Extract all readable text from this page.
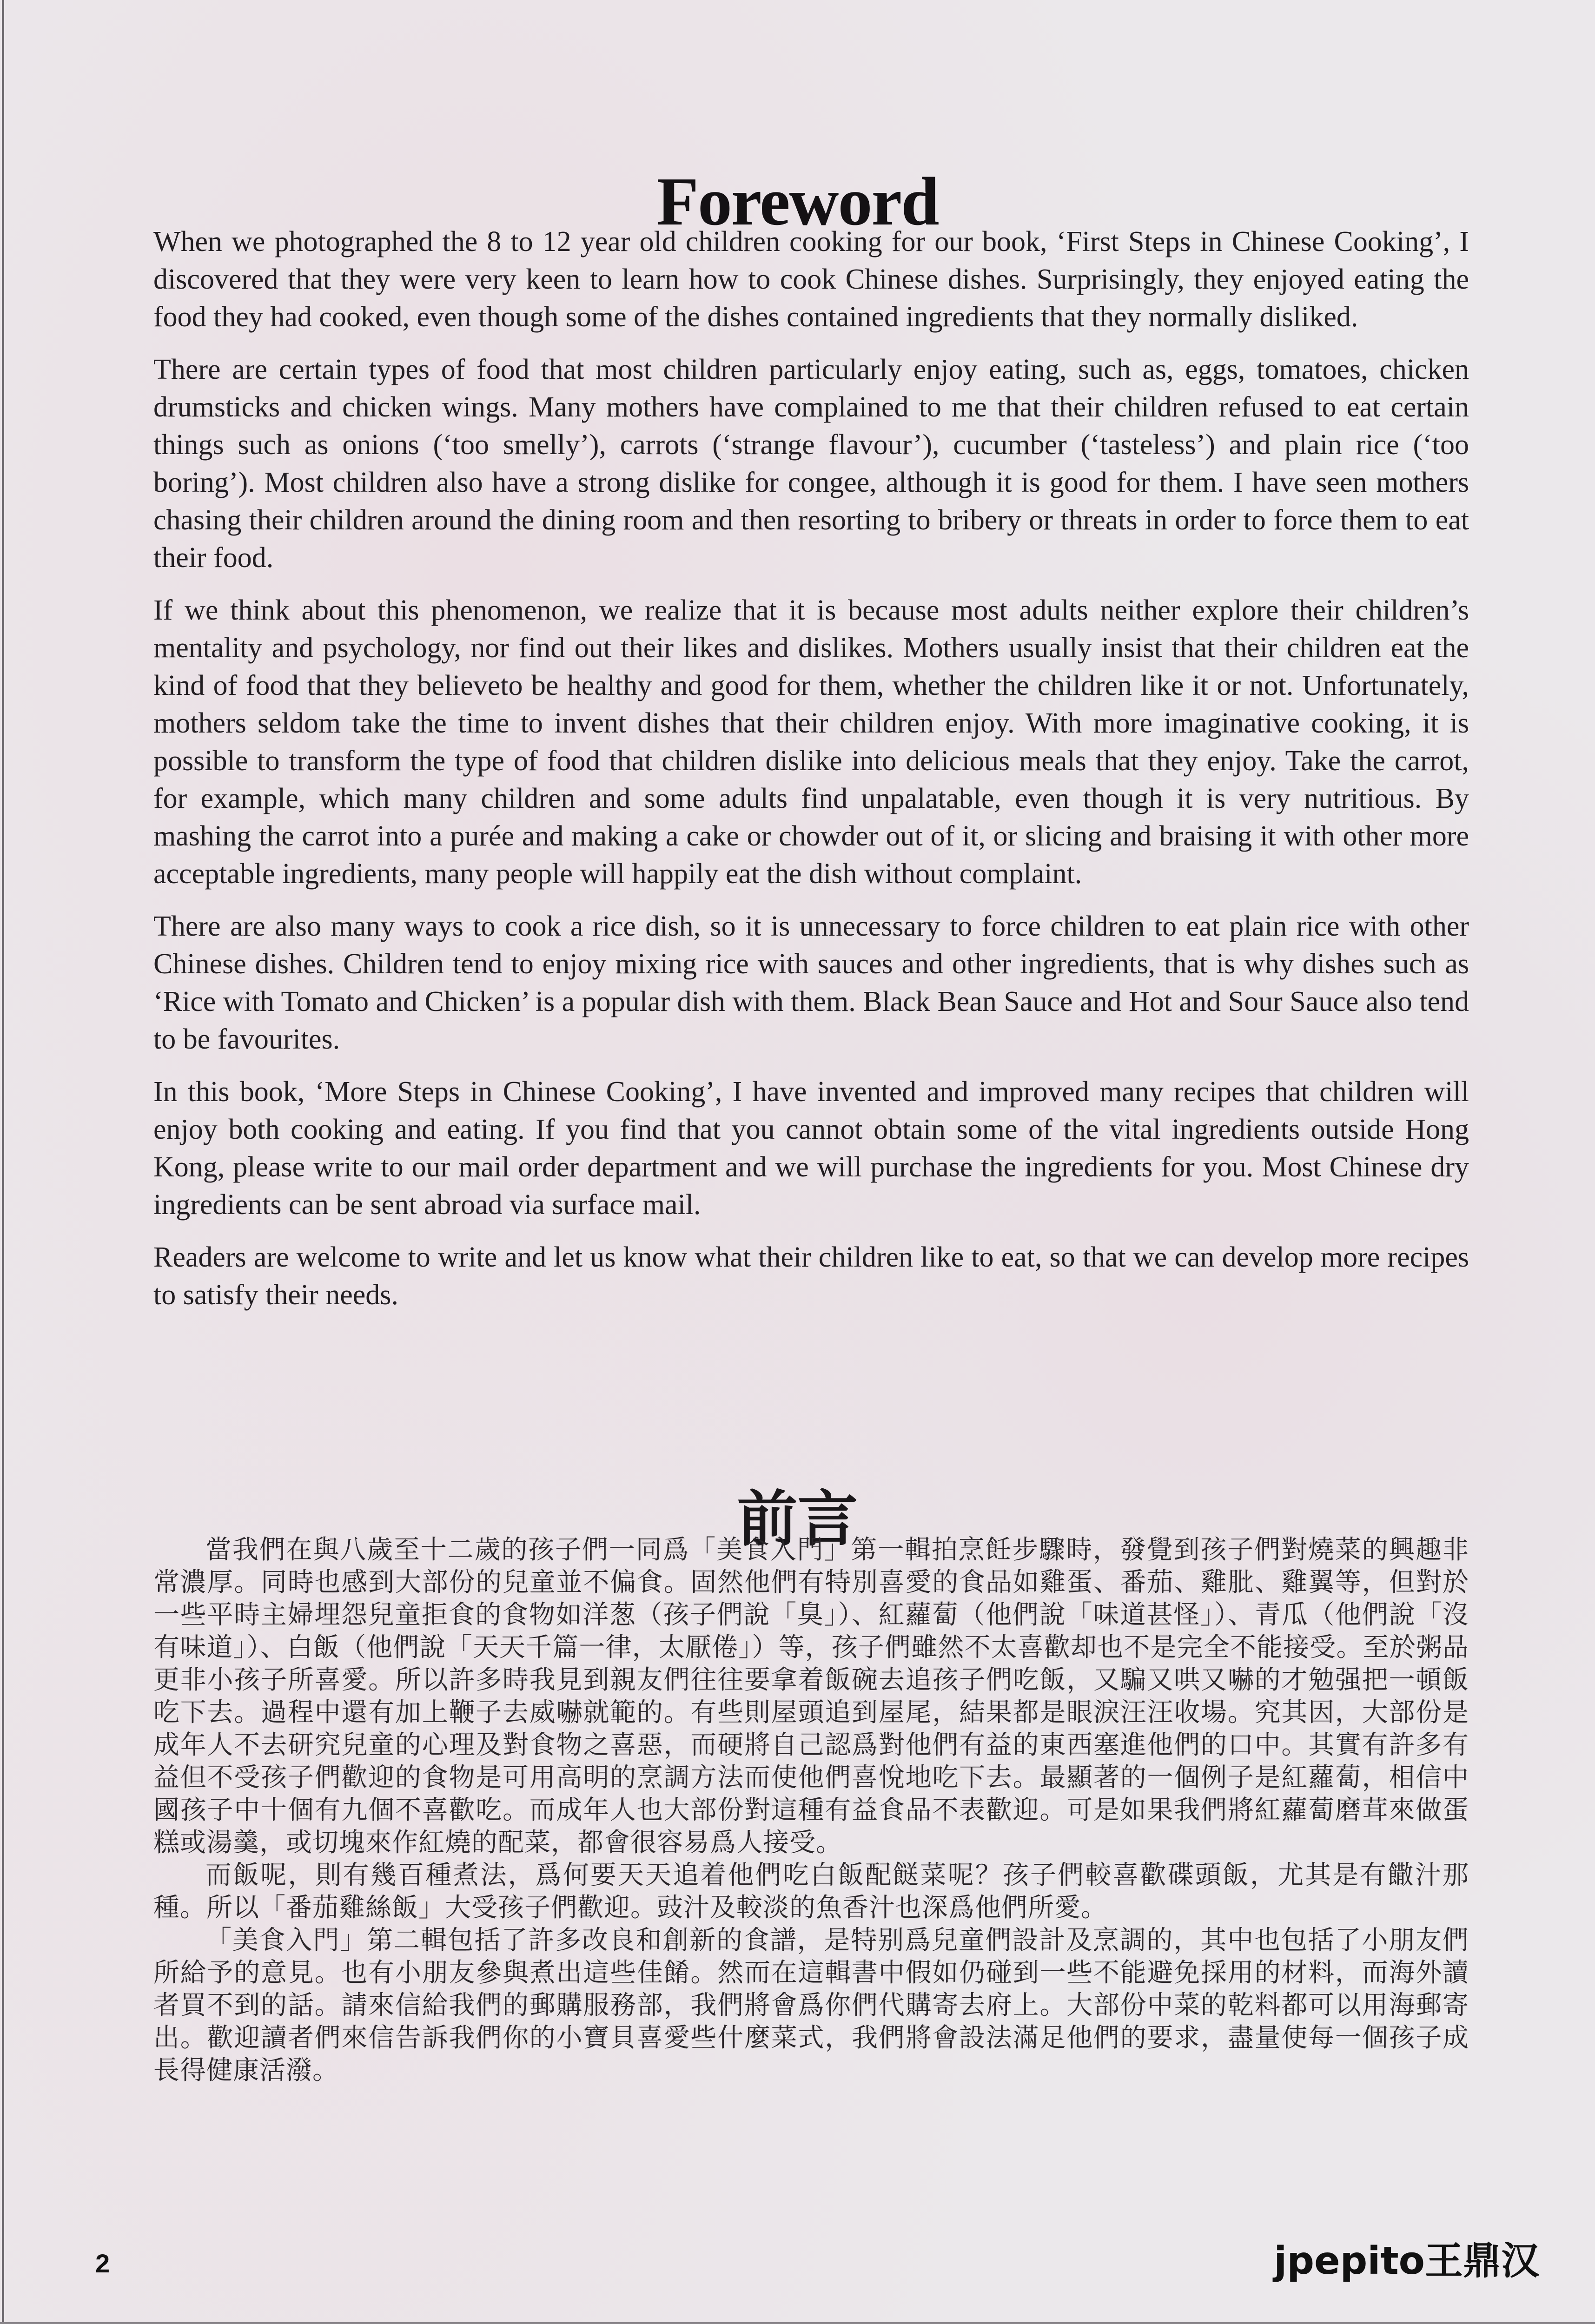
Foreword

When we photographed the 8 to 12 year old children cooking for our book, ‘First Steps in Chinese Cooking’, I discovered that they were very keen to learn how to cook Chinese dishes. Surprisingly, they enjoyed eating the food they had cooked, even though some of the dishes contained ingredients that they normally disliked.

There are certain types of food that most children particularly enjoy eating, such as, eggs, tomatoes, chicken drumsticks and chicken wings. Many mothers have complained to me that their children refused to eat certain things such as onions (‘too smelly’), carrots (‘strange flavour’), cucumber (‘tasteless’) and plain rice (‘too boring’). Most children also have a strong dislike for congee, although it is good for them. I have seen mothers chasing their children around the dining room and then resorting to bribery or threats in order to force them to eat their food.

If we think about this phenomenon, we realize that it is because most adults neither explore their children’s mentality and psychology, nor find out their likes and dislikes. Mothers usually insist that their children eat the kind of food that they believeto be healthy and good for them, whether the children like it or not. Unfortunately, mothers seldom take the time to invent dishes that their children enjoy. With more imaginative cooking, it is possible to transform the type of food that children dislike into delicious meals that they enjoy. Take the carrot, for example, which many children and some adults find unpalatable, even though it is very nutritious. By mashing the carrot into a purée and making a cake or chowder out of it, or slicing and braising it with other more acceptable ingredients, many people will happily eat the dish without complaint.

There are also many ways to cook a rice dish, so it is unnecessary to force children to eat plain rice with other Chinese dishes. Children tend to enjoy mixing rice with sauces and other ingredients, that is why dishes such as ‘Rice with Tomato and Chicken’ is a popular dish with them. Black Bean Sauce and Hot and Sour Sauce also tend to be favourites.

In this book, ‘More Steps in Chinese Cooking’, I have invented and improved many recipes that children will enjoy both cooking and eating. If you find that you cannot obtain some of the vital ingredients outside Hong Kong, please write to our mail order department and we will purchase the ingredients for you. Most Chinese dry ingredients can be sent abroad via surface mail.

Readers are welcome to write and let us know what their children like to eat, so that we can develop more recipes to satisfy their needs.

前言

當我們在與八歲至十二歲的孩子們一同爲「美食入門」第一輯拍烹飪步驟時，發覺到孩子們對燒菜的興趣非常濃厚。同時也感到大部份的兒童並不偏食。固然他們有特別喜愛的食品如雞蛋、番茄、雞肶、雞翼等，但對於一些平時主婦埋怨兒童拒食的食物如洋葱（孩子們說「臭」）、紅蘿蔔（他們說「味道甚怪」）、青瓜（他們說「沒有味道」）、白飯（他們說「天天千篇一律，太厭倦」）等，孩子們雖然不太喜歡却也不是完全不能接受。至於粥品更非小孩子所喜愛。所以許多時我見到親友們往往要拿着飯碗去追孩子們吃飯，又騙又哄又嚇的才勉强把一頓飯吃下去。過程中還有加上鞭子去威嚇就範的。有些則屋頭追到屋尾，結果都是眼淚汪汪收場。究其因，大部份是成年人不去研究兒童的心理及對食物之喜惡，而硬將自己認爲對他們有益的東西塞進他們的口中。其實有許多有益但不受孩子們歡迎的食物是可用高明的烹調方法而使他們喜悅地吃下去。最顯著的一個例子是紅蘿蔔，相信中國孩子中十個有九個不喜歡吃。而成年人也大部份對這種有益食品不表歡迎。可是如果我們將紅蘿蔔磨茸來做蛋糕或湯羹，或切塊來作紅燒的配菜，都會很容易爲人接受。

而飯呢，則有幾百種煮法，爲何要天天追着他們吃白飯配餸菜呢？孩子們較喜歡碟頭飯，尤其是有饊汁那種。所以「番茄雞絲飯」大受孩子們歡迎。豉汁及較淡的魚香汁也深爲他們所愛。

「美食入門」第二輯包括了許多改良和創新的食譜，是特别爲兒童們設計及烹調的，其中也包括了小朋友們所給予的意見。也有小朋友參與煮出這些佳餚。然而在這輯書中假如仍碰到一些不能避免採用的材料，而海外讀者買不到的話。請來信給我們的郵購服務部，我們將會爲你們代購寄去府上。大部份中菜的乾料都可以用海郵寄出。歡迎讀者們來信告訴我們你的小寶貝喜愛些什麼菜式，我們將會設法滿足他們的要求，盡量使每一個孩子成長得健康活潑。

2	jpepito王鼎汉
